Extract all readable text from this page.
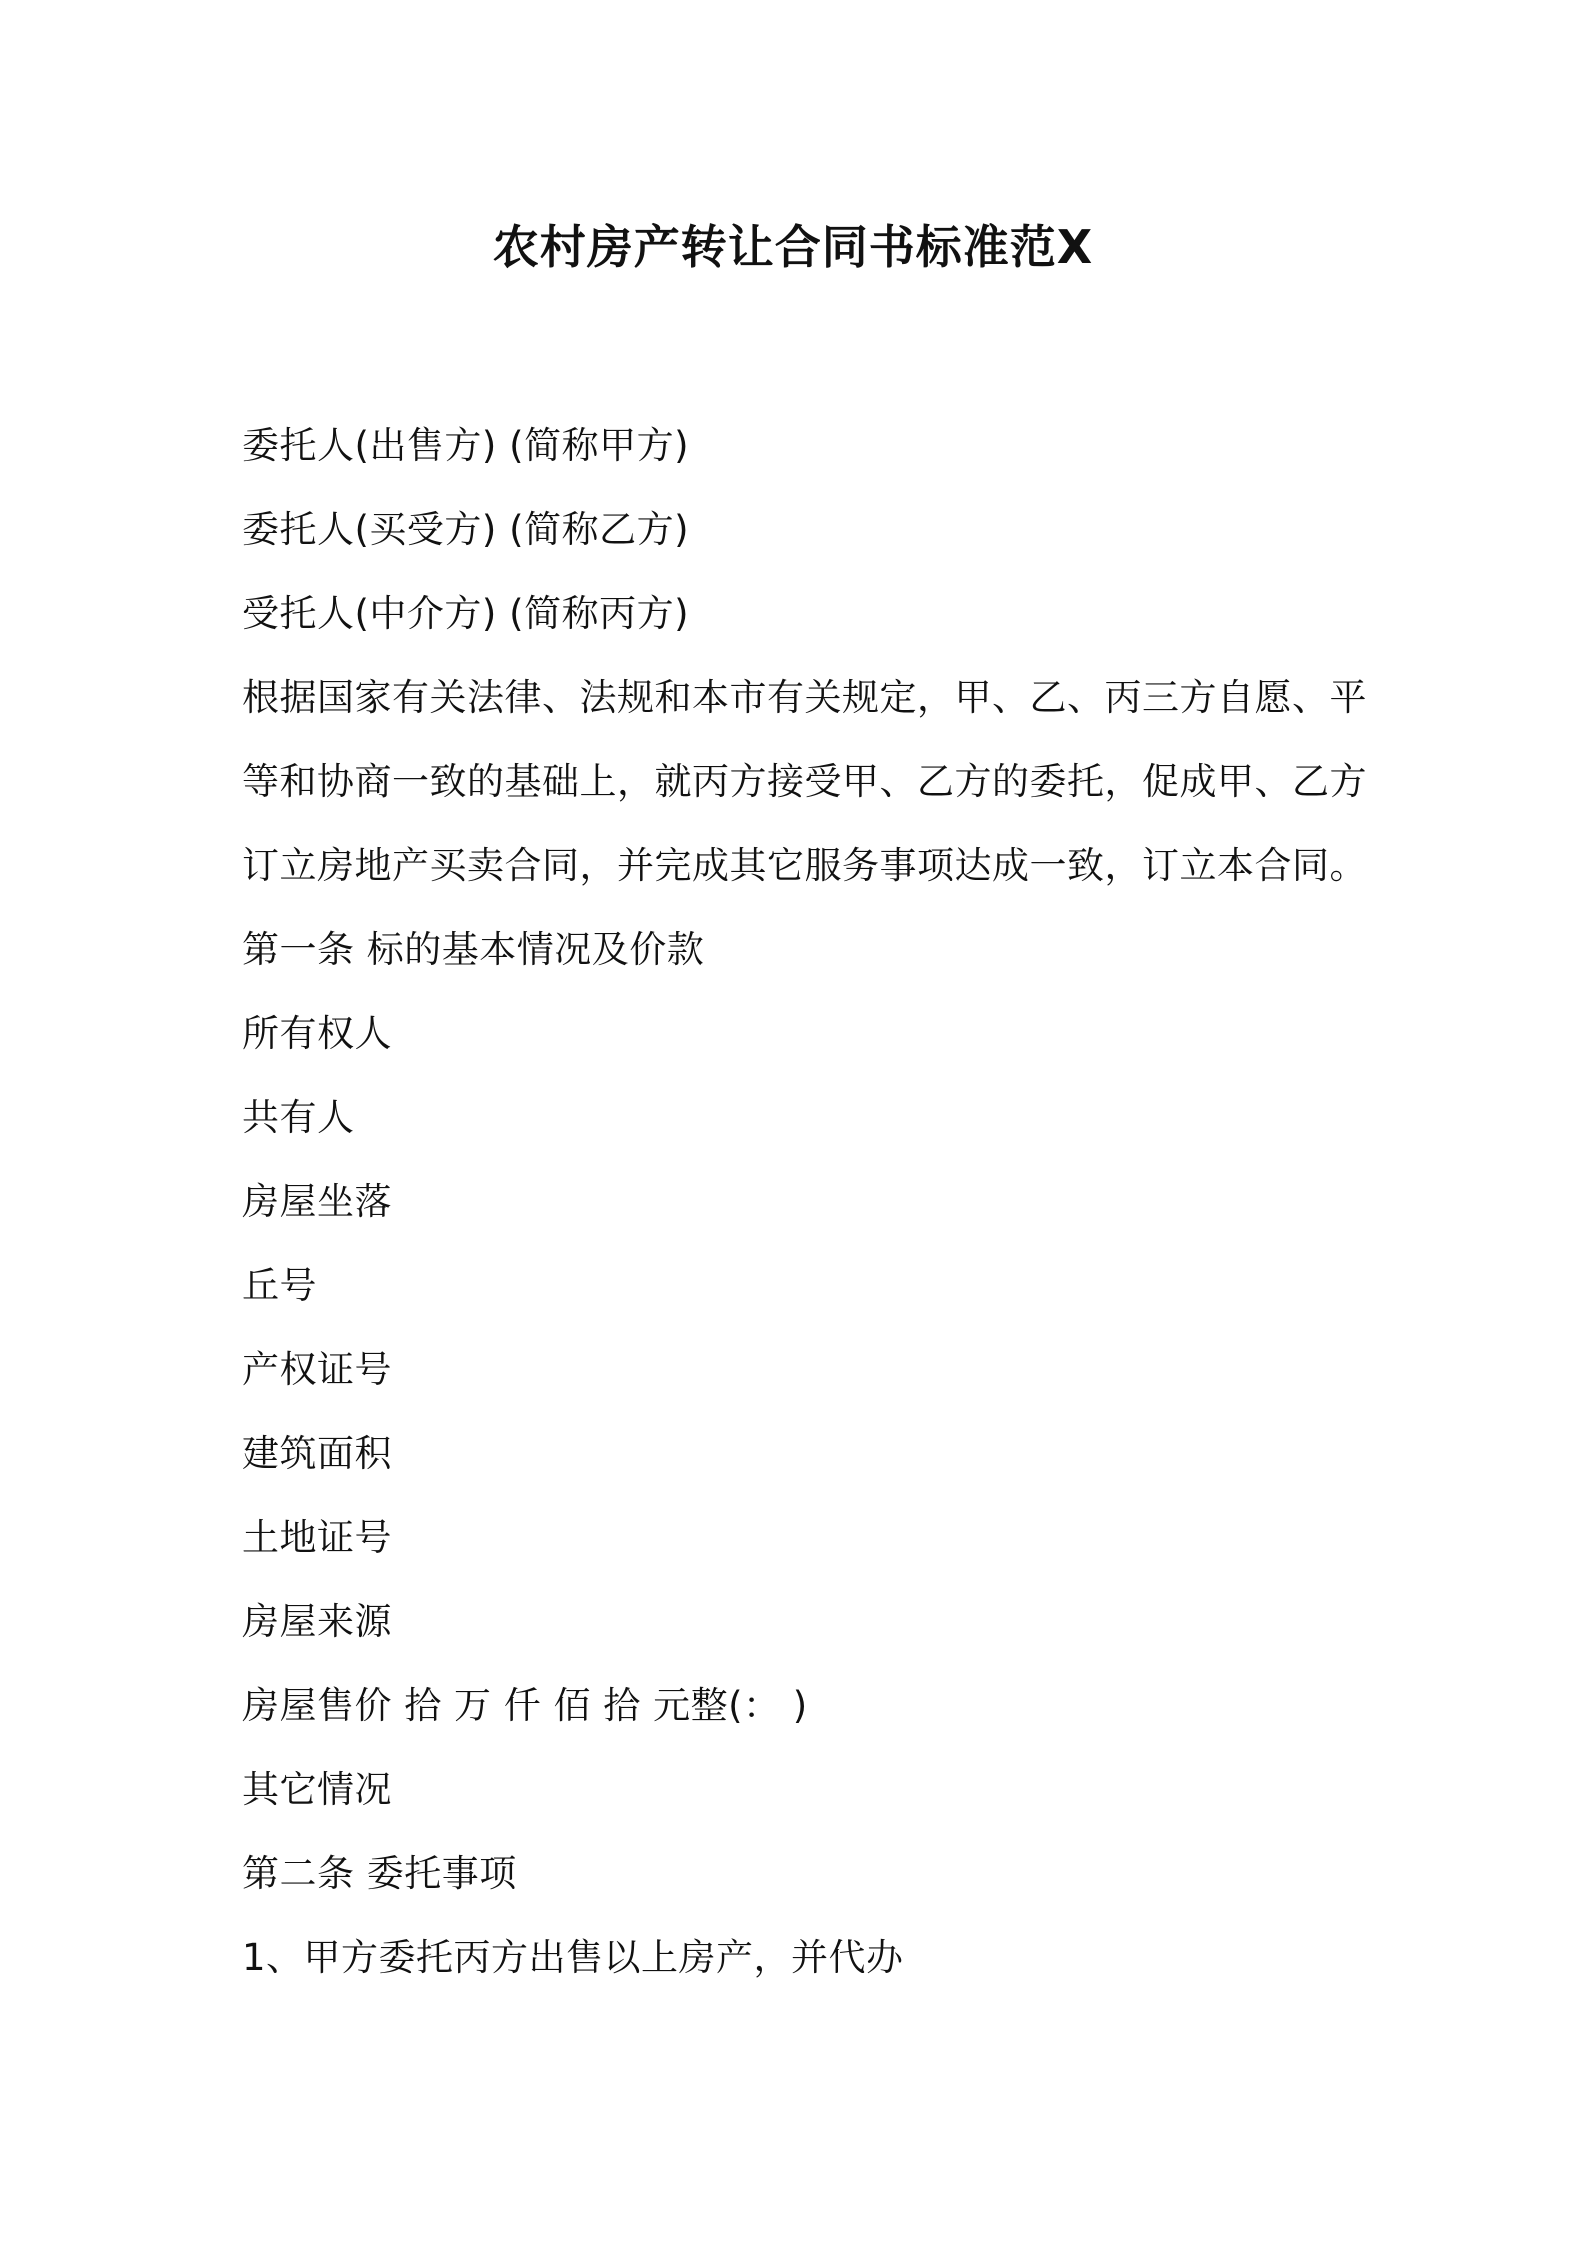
农村房产转让合同书标准范X
委托人(出售方) (简称甲方)
委托人(买受方) (简称乙方)
受托人(中介方) (简称丙方)
根据国家有关法律、法规和本市有关规定，甲、乙、丙三方自愿、平
等和协商一致的基础上，就丙方接受甲、乙方的委托，促成甲、乙方
订立房地产买卖合同，并完成其它服务事项达成一致，订立本合同。
第一条 标的基本情况及价款
所有权人
共有人
房屋坐落
丘号
产权证号
建筑面积
土地证号
房屋来源
房屋售价 拾 万 仟 佰 拾 元整(： )
其它情况
第二条 委托事项
1、甲方委托丙方出售以上房产，并代办
